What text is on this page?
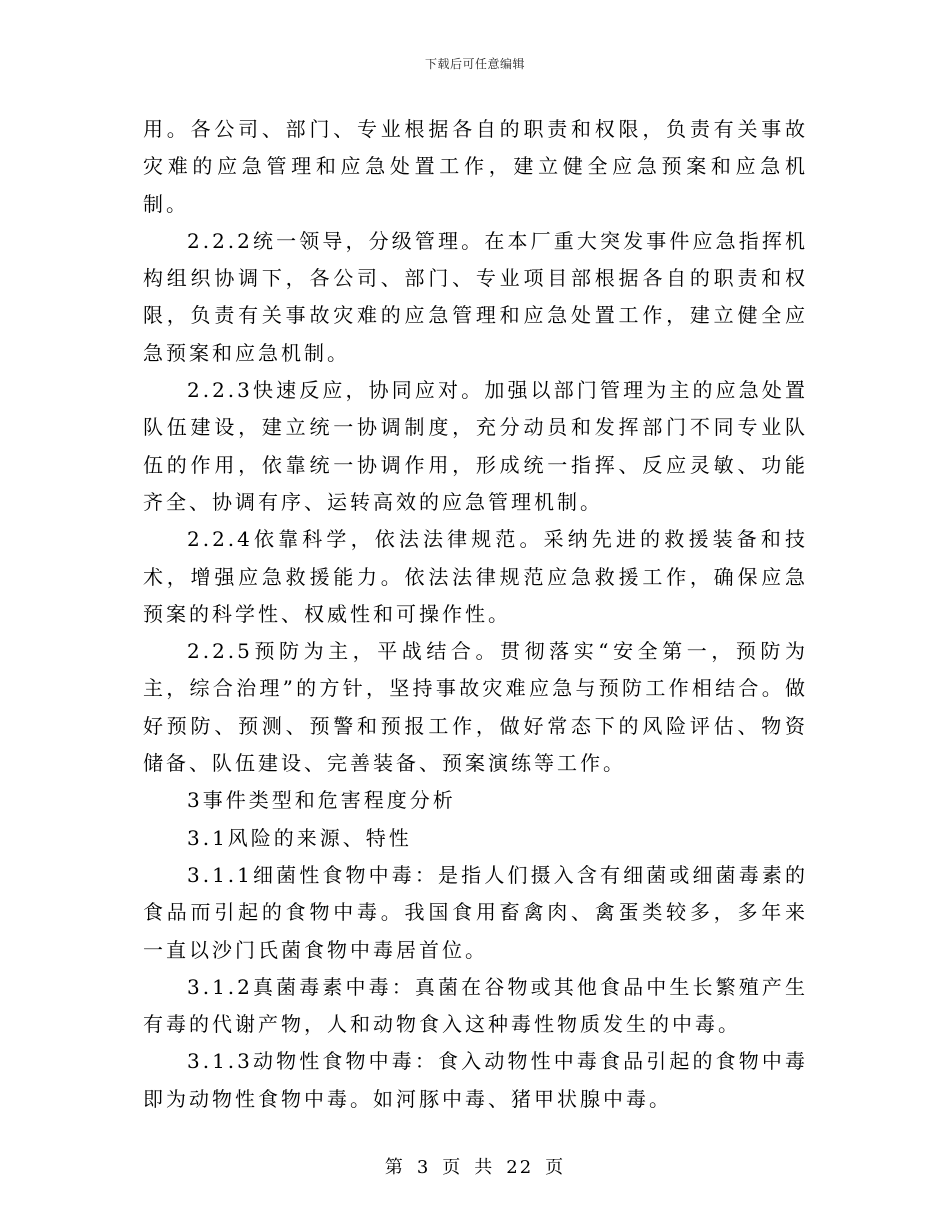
下载后可任意编辑

用。各公司、部门、专业根据各自的职责和权限，负责有关事故灾难的应急管理和应急处置工作，建立健全应急预案和应急机制。

2.2.2统一领导，分级管理。在本厂重大突发事件应急指挥机构组织协调下，各公司、部门、专业项目部根据各自的职责和权限，负责有关事故灾难的应急管理和应急处置工作，建立健全应急预案和应急机制。

2.2.3快速反应，协同应对。加强以部门管理为主的应急处置队伍建设，建立统一协调制度，充分动员和发挥部门不同专业队伍的作用，依靠统一协调作用，形成统一指挥、反应灵敏、功能齐全、协调有序、运转高效的应急管理机制。

2.2.4依靠科学，依法法律规范。采纳先进的救援装备和技术，增强应急救援能力。依法法律规范应急救援工作，确保应急预案的科学性、权威性和可操作性。

2.2.5预防为主，平战结合。贯彻落实“安全第一，预防为主，综合治理”的方针，坚持事故灾难应急与预防工作相结合。做好预防、预测、预警和预报工作，做好常态下的风险评估、物资储备、队伍建设、完善装备、预案演练等工作。

3事件类型和危害程度分析

3.1风险的来源、特性

3.1.1细菌性食物中毒：是指人们摄入含有细菌或细菌毒素的食品而引起的食物中毒。我国食用畜禽肉、禽蛋类较多，多年来一直以沙门氏菌食物中毒居首位。

3.1.2真菌毒素中毒：真菌在谷物或其他食品中生长繁殖产生有毒的代谢产物，人和动物食入这种毒性物质发生的中毒。

3.1.3动物性食物中毒：食入动物性中毒食品引起的食物中毒即为动物性食物中毒。如河豚中毒、猪甲状腺中毒。

第 3 页 共 22 页
